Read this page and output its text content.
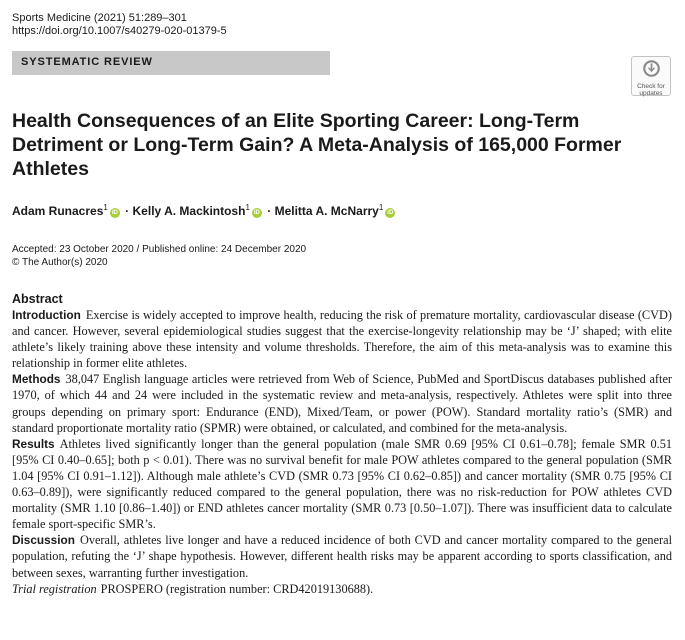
Sports Medicine (2021) 51:289–301
https://doi.org/10.1007/s40279-020-01379-5
SYSTEMATIC REVIEW
Check for
updates
Health Consequences of an Elite Sporting Career: Long-Term
Detriment or Long-Term Gain? A Meta-Analysis of 165,000 Former
Athletes
Adam Runacres$^1$iD · Kelly A. Mackintosh$^1$iD · Melitta A. McNarry$^1$iD
Accepted: 23 October 2020 / Published online: 24 December 2020
© The Author(s) 2020
Abstract

Introduction Exercise is widely accepted to improve health, reducing the risk of premature mortality, cardiovascular disease (CVD) and cancer. However, several epidemiological studies suggest that the exercise-longevity relationship may be ‘J’ shaped; with elite athlete’s likely training above these intensity and volume thresholds. Therefore, the aim of this meta-analysis was to examine this relationship in former elite athletes.

Methods 38,047 English language articles were retrieved from Web of Science, PubMed and SportDiscus databases published after 1970, of which 44 and 24 were included in the systematic review and meta-analysis, respectively. Athletes were split into three groups depending on primary sport: Endurance (END), Mixed/Team, or power (POW). Standard mortality ratio’s (SMR) and standard proportionate mortality ratio (SPMR) were obtained, or calculated, and combined for the meta-analysis.

Results Athletes lived significantly longer than the general population (male SMR 0.69 [95% CI 0.61–0.78]; female SMR 0.51 [95% CI 0.40–0.65]; both p < 0.01). There was no survival benefit for male POW athletes compared to the general population (SMR 1.04 [95% CI 0.91–1.12]). Although male athlete’s CVD (SMR 0.73 [95% CI 0.62–0.85]) and cancer mortality (SMR 0.75 [95% CI 0.63–0.89]), were significantly reduced compared to the general population, there was no risk-reduction for POW athletes CVD mortality (SMR 1.10 [0.86–1.40]) or END athletes cancer mortality (SMR 0.73 [0.50–1.07]). There was insufficient data to calculate female sport-specific SMR’s.

Discussion Overall, athletes live longer and have a reduced incidence of both CVD and cancer mortality compared to the general population, refuting the ‘J’ shape hypothesis. However, different health risks may be apparent according to sports classification, and between sexes, warranting further investigation.

Trial registration PROSPERO (registration number: CRD42019130688).
